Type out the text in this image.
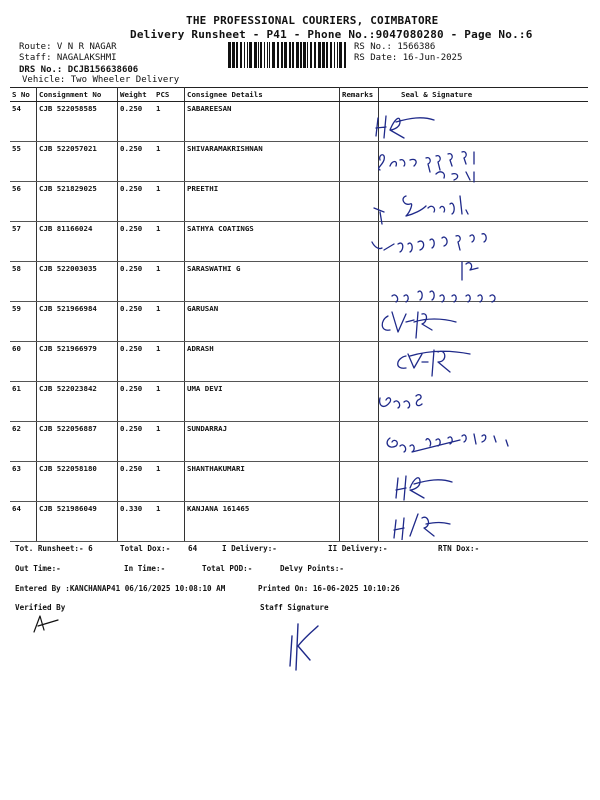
THE PROFESSIONAL COURIERS, COIMBATORE
Delivery Runsheet - P41 - Phone No.:9047080280 - Page No.:6
Route: V N R NAGAR
Staff: NAGALAKSHMI
DRS No.: DCJB156638606
Vehicle: Two Wheeler Delivery
RS No.: 1566386
RS Date: 16-Jun-2025
S No	Consignment No	Weight	PCS	Consignee Details	Remarks	Seal & Signature
54	CJB 522058585	0.250	1	SABAREESAN		
55	CJB 522057021	0.250	1	SHIVARAMAKRISHNAN		
56	CJB 521829025	0.250	1	PREETHI		
57	CJB 81166024	0.250	1	SATHYA COATINGS		
58	CJB 522003035	0.250	1	SARASWATHI G		
59	CJB 521966984	0.250	1	GARUSAN		
60	CJB 521966979	0.250	1	ADRASH		
61	CJB 522023842	0.250	1	UMA DEVI		
62	CJB 522056887	0.250	1	SUNDARRAJ		
63	CJB 522058180	0.250	1	SHANTHAKUMARI		
64	CJB 521986049	0.330	1	KANJANA 161465		
Tot. Runsheet:- 6	Total Dox:- 64	I Delivery:-	II Delivery:-	RTN Dox:-
Out Time:-	In Time:-	Total POD:-	Delvy Points:-
Entered By :KANCHANAP41 06/16/2025 10:08:10 AM	Printed On: 16-06-2025 10:10:26
Verified By	Staff Signature
